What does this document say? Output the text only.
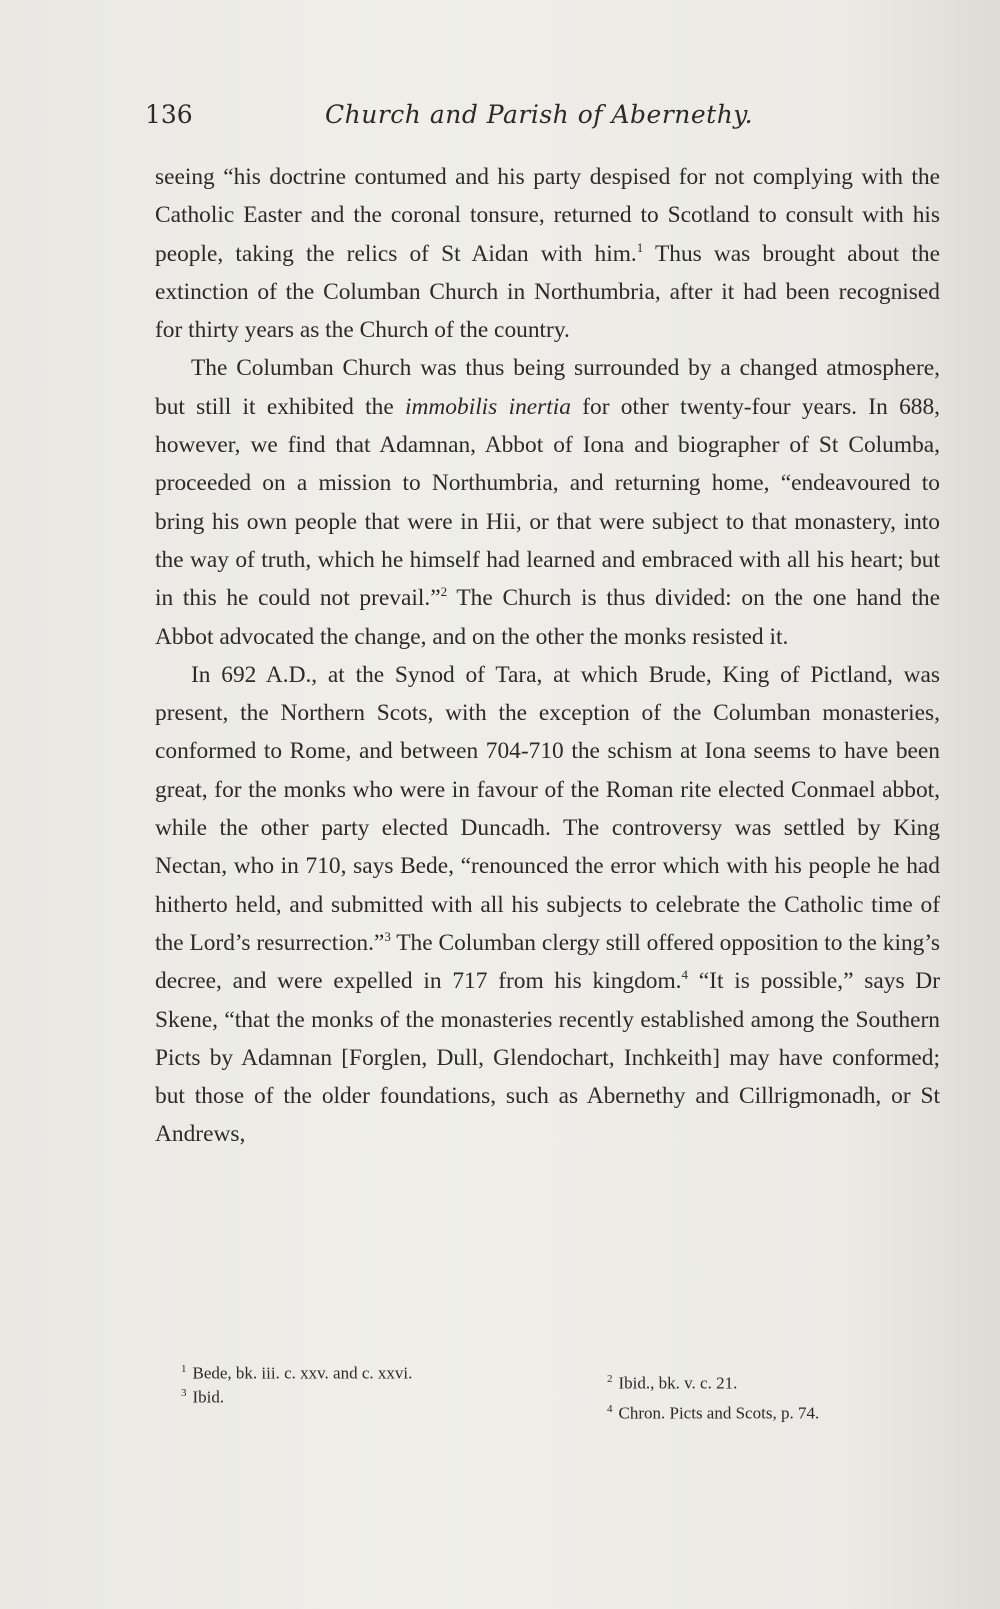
136	Church and Parish of Abernethy.

seeing “his doctrine contumed and his party despised for not complying with the Catholic Easter and the coronal tonsure, returned to Scotland to consult with his people, taking the relics of St Aidan with him.$^1$ Thus was brought about the extinction of the Columban Church in Northumbria, after it had been recognised for thirty years as the Church of the country.

The Columban Church was thus being surrounded by a changed atmosphere, but still it exhibited the immobilis inertia for other twenty-four years. In 688, however, we find that Adamnan, Abbot of Iona and biographer of St Columba, proceeded on a mission to Northumbria, and returning home, “endeavoured to bring his own people that were in Hii, or that were subject to that monastery, into the way of truth, which he himself had learned and embraced with all his heart; but in this he could not prevail.”$^2$ The Church is thus divided: on the one hand the Abbot advocated the change, and on the other the monks resisted it.

In 692 A.D., at the Synod of Tara, at which Brude, King of Pictland, was present, the Northern Scots, with the exception of the Columban monasteries, conformed to Rome, and between 704-710 the schism at Iona seems to have been great, for the monks who were in favour of the Roman rite elected Conmael abbot, while the other party elected Duncadh. The controversy was settled by King Nectan, who in 710, says Bede, “renounced the error which with his people he had hitherto held, and submitted with all his subjects to celebrate the Catholic time of the Lord’s resurrection.”$^3$ The Columban clergy still offered opposition to the king’s decree, and were expelled in 717 from his kingdom.$^4$ “It is possible,” says Dr Skene, “that the monks of the monasteries recently established among the Southern Picts by Adamnan [Forglen, Dull, Glendochart, Inchkeith] may have conformed; but those of the older foundations, such as Abernethy and Cillrigmonadh, or St Andrews,

$^1$ Bede, bk. iii. c. xxv. and c. xxvi.	$^2$ Ibid., bk. v. c. 21.
$^3$ Ibid.
$^4$ Chron. Picts and Scots, p. 74.
